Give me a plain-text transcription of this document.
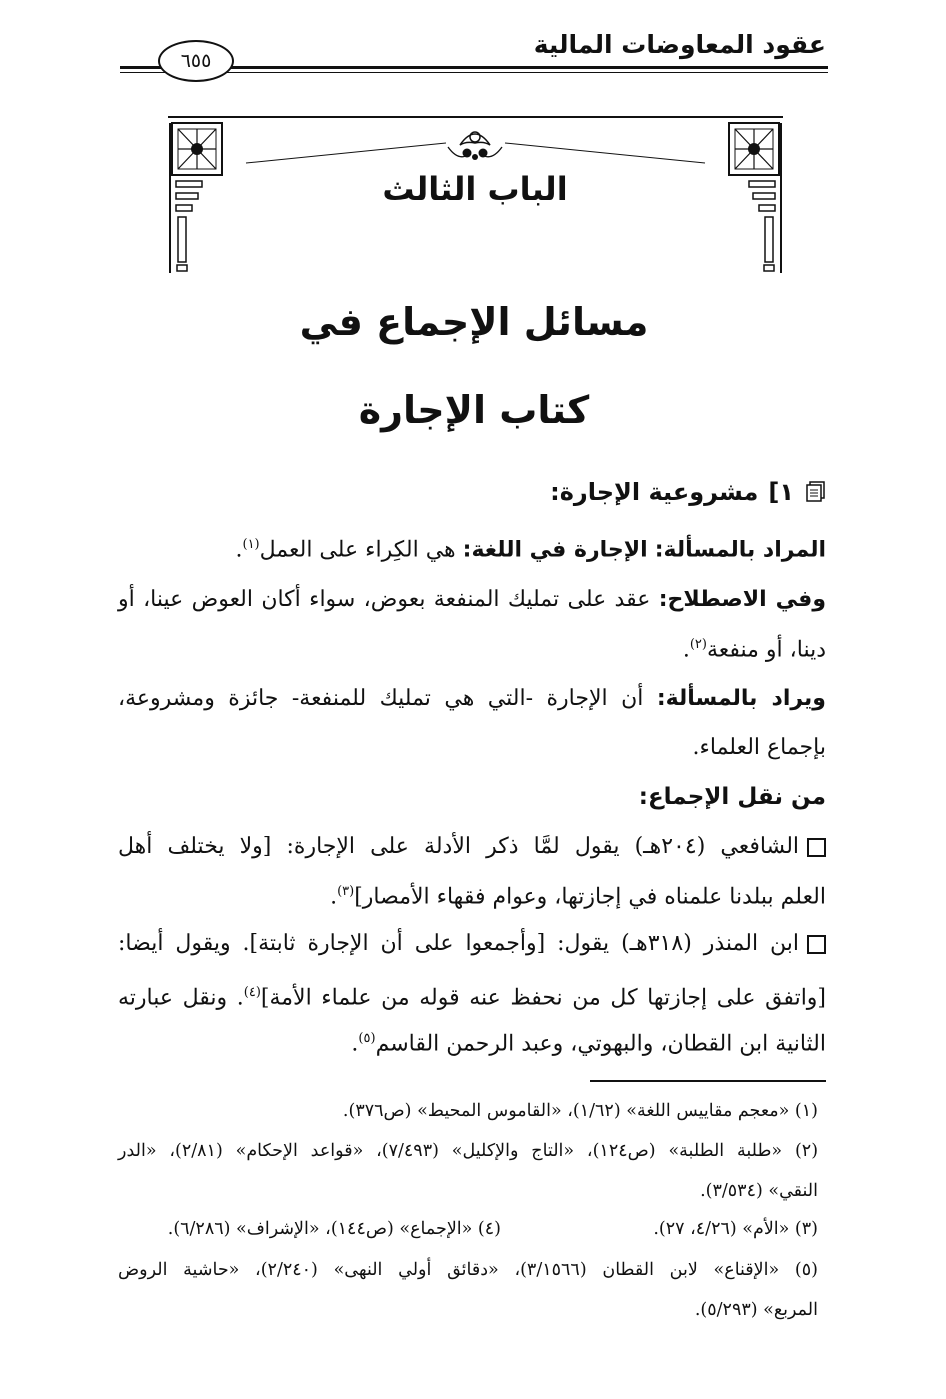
عقود المعاوضات المالية
٦٥٥
الباب الثالث
مسائل الإجماع في
كتاب الإجارة
١]
مشروعية الإجارة:
المراد بالمسألة: الإجارة في اللغة: هي الكِراء على العمل$^{(١)}$.
وفي الاصطلاح: عقد على تمليك المنفعة بعوض، سواء أكان العوض عينا، أو
دينا، أو منفعة$^{(٢)}$.
ويراد بالمسألة: أن الإجارة -التي هي تمليك للمنفعة- جائزة ومشروعة،
بإجماع العلماء.
من نقل الإجماع:
الشافعي (٢٠٤هـ) يقول لمَّا ذكر الأدلة على الإجارة: [ولا يختلف أهل
العلم ببلدنا علمناه في إجازتها، وعوام فقهاء الأمصار]$^{(٣)}$.
ابن المنذر (٣١٨هـ) يقول: [وأجمعوا على أن الإجارة ثابتة]. ويقول أيضا:
[واتفق على إجازتها كل من نحفظ عنه قوله من علماء الأمة]$^{(٤)}$. ونقل عبارته
الثانية ابن القطان، والبهوتي، وعبد الرحمن القاسم$^{(٥)}$.
(١) «معجم مقاييس اللغة» (١/٦٢)، «القاموس المحيط» (ص٣٧٦).
(٢) «طلبة الطلبة» (ص١٢٤)، «التاج والإكليل» (٧/٤٩٣)، «قواعد الإحكام» (٢/٨١)، «الدر
النقي» (٣/٥٣٤).
(٣) «الأم» (٤/٢٦، ٢٧).
(٤) «الإجماع» (ص١٤٤)، «الإشراف» (٦/٢٨٦).
(٥) «الإقناع» لابن القطان (٣/١٥٦٦)، «دقائق أولي النهى» (٢/٢٤٠)، «حاشية الروض
المربع» (٥/٢٩٣).
